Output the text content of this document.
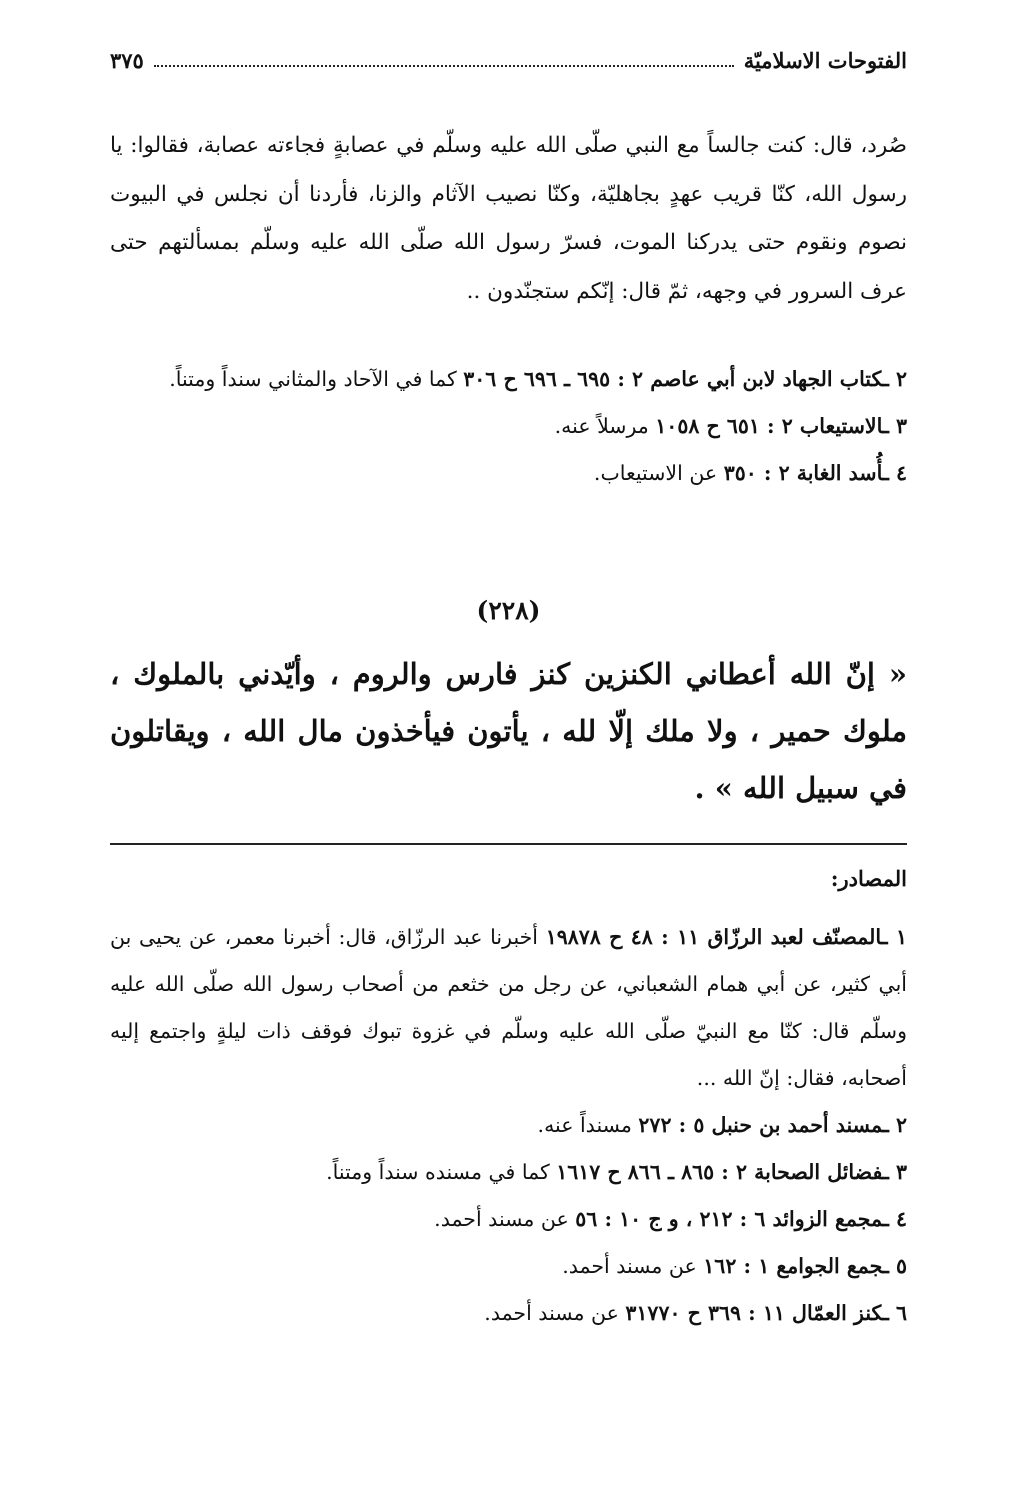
الفتوحات الاسلاميّة
٣٧٥
صُرد، قال: كنت جالساً مع النبي صلّى الله عليه وسلّم في عصابةٍ فجاءته عصابة، فقالوا: يا رسول الله، كنّا قريب عهدٍ بجاهليّة، وكنّا نصيب الآثام والزنا، فأردنا أن نجلس في البيوت نصوم ونقوم حتى يدركنا الموت، فسرّ رسول الله صلّى الله عليه وسلّم بمسألتهم حتى عرف السرور في وجهه، ثمّ قال: إنّكم ستجنّدون ..
٢ ـكتاب الجهاد لابن أبي عاصم ٢ : ٦٩٥ ـ ٦٩٦ ح ٣٠٦ كما في الآحاد والمثاني سنداً ومتناً.
٣ ـالاستيعاب ٢ : ٦٥١ ح ١٠٥٨ مرسلاً عنه.
٤ ـأُسد الغابة ٢ : ٣٥٠ عن الاستيعاب.
(٢٢٨)
« إنّ الله أعطاني الكنزين كنز فارس والروم ، وأيّدني بالملوك ، ملوك حمير ، ولا ملك إلّا لله ، يأتون فيأخذون مال الله ، ويقاتلون في سبيل الله » .
المصادر:
١ ـالمصنّف لعبد الرزّاق ١١ : ٤٨ ح ١٩٨٧٨ أخبرنا عبد الرزّاق، قال: أخبرنا معمر، عن يحيى بن أبي كثير، عن أبي همام الشعباني، عن رجل من خثعم من أصحاب رسول الله صلّى الله عليه وسلّم قال: كنّا مع النبيّ صلّى الله عليه وسلّم في غزوة تبوك فوقف ذات ليلةٍ واجتمع إليه أصحابه، فقال: إنّ الله ...
٢ ـمسند أحمد بن حنبل ٥ : ٢٧٢ مسنداً عنه.
٣ ـفضائل الصحابة ٢ : ٨٦٥ ـ ٨٦٦ ح ١٦١٧ كما في مسنده سنداً ومتناً.
٤ ـمجمع الزوائد ٦ : ٢١٢ ، و ج ١٠ : ٥٦ عن مسند أحمد.
٥ ـجمع الجوامع ١ : ١٦٢ عن مسند أحمد.
٦ ـكنز العمّال ١١ : ٣٦٩ ح ٣١٧٧٠ عن مسند أحمد.
